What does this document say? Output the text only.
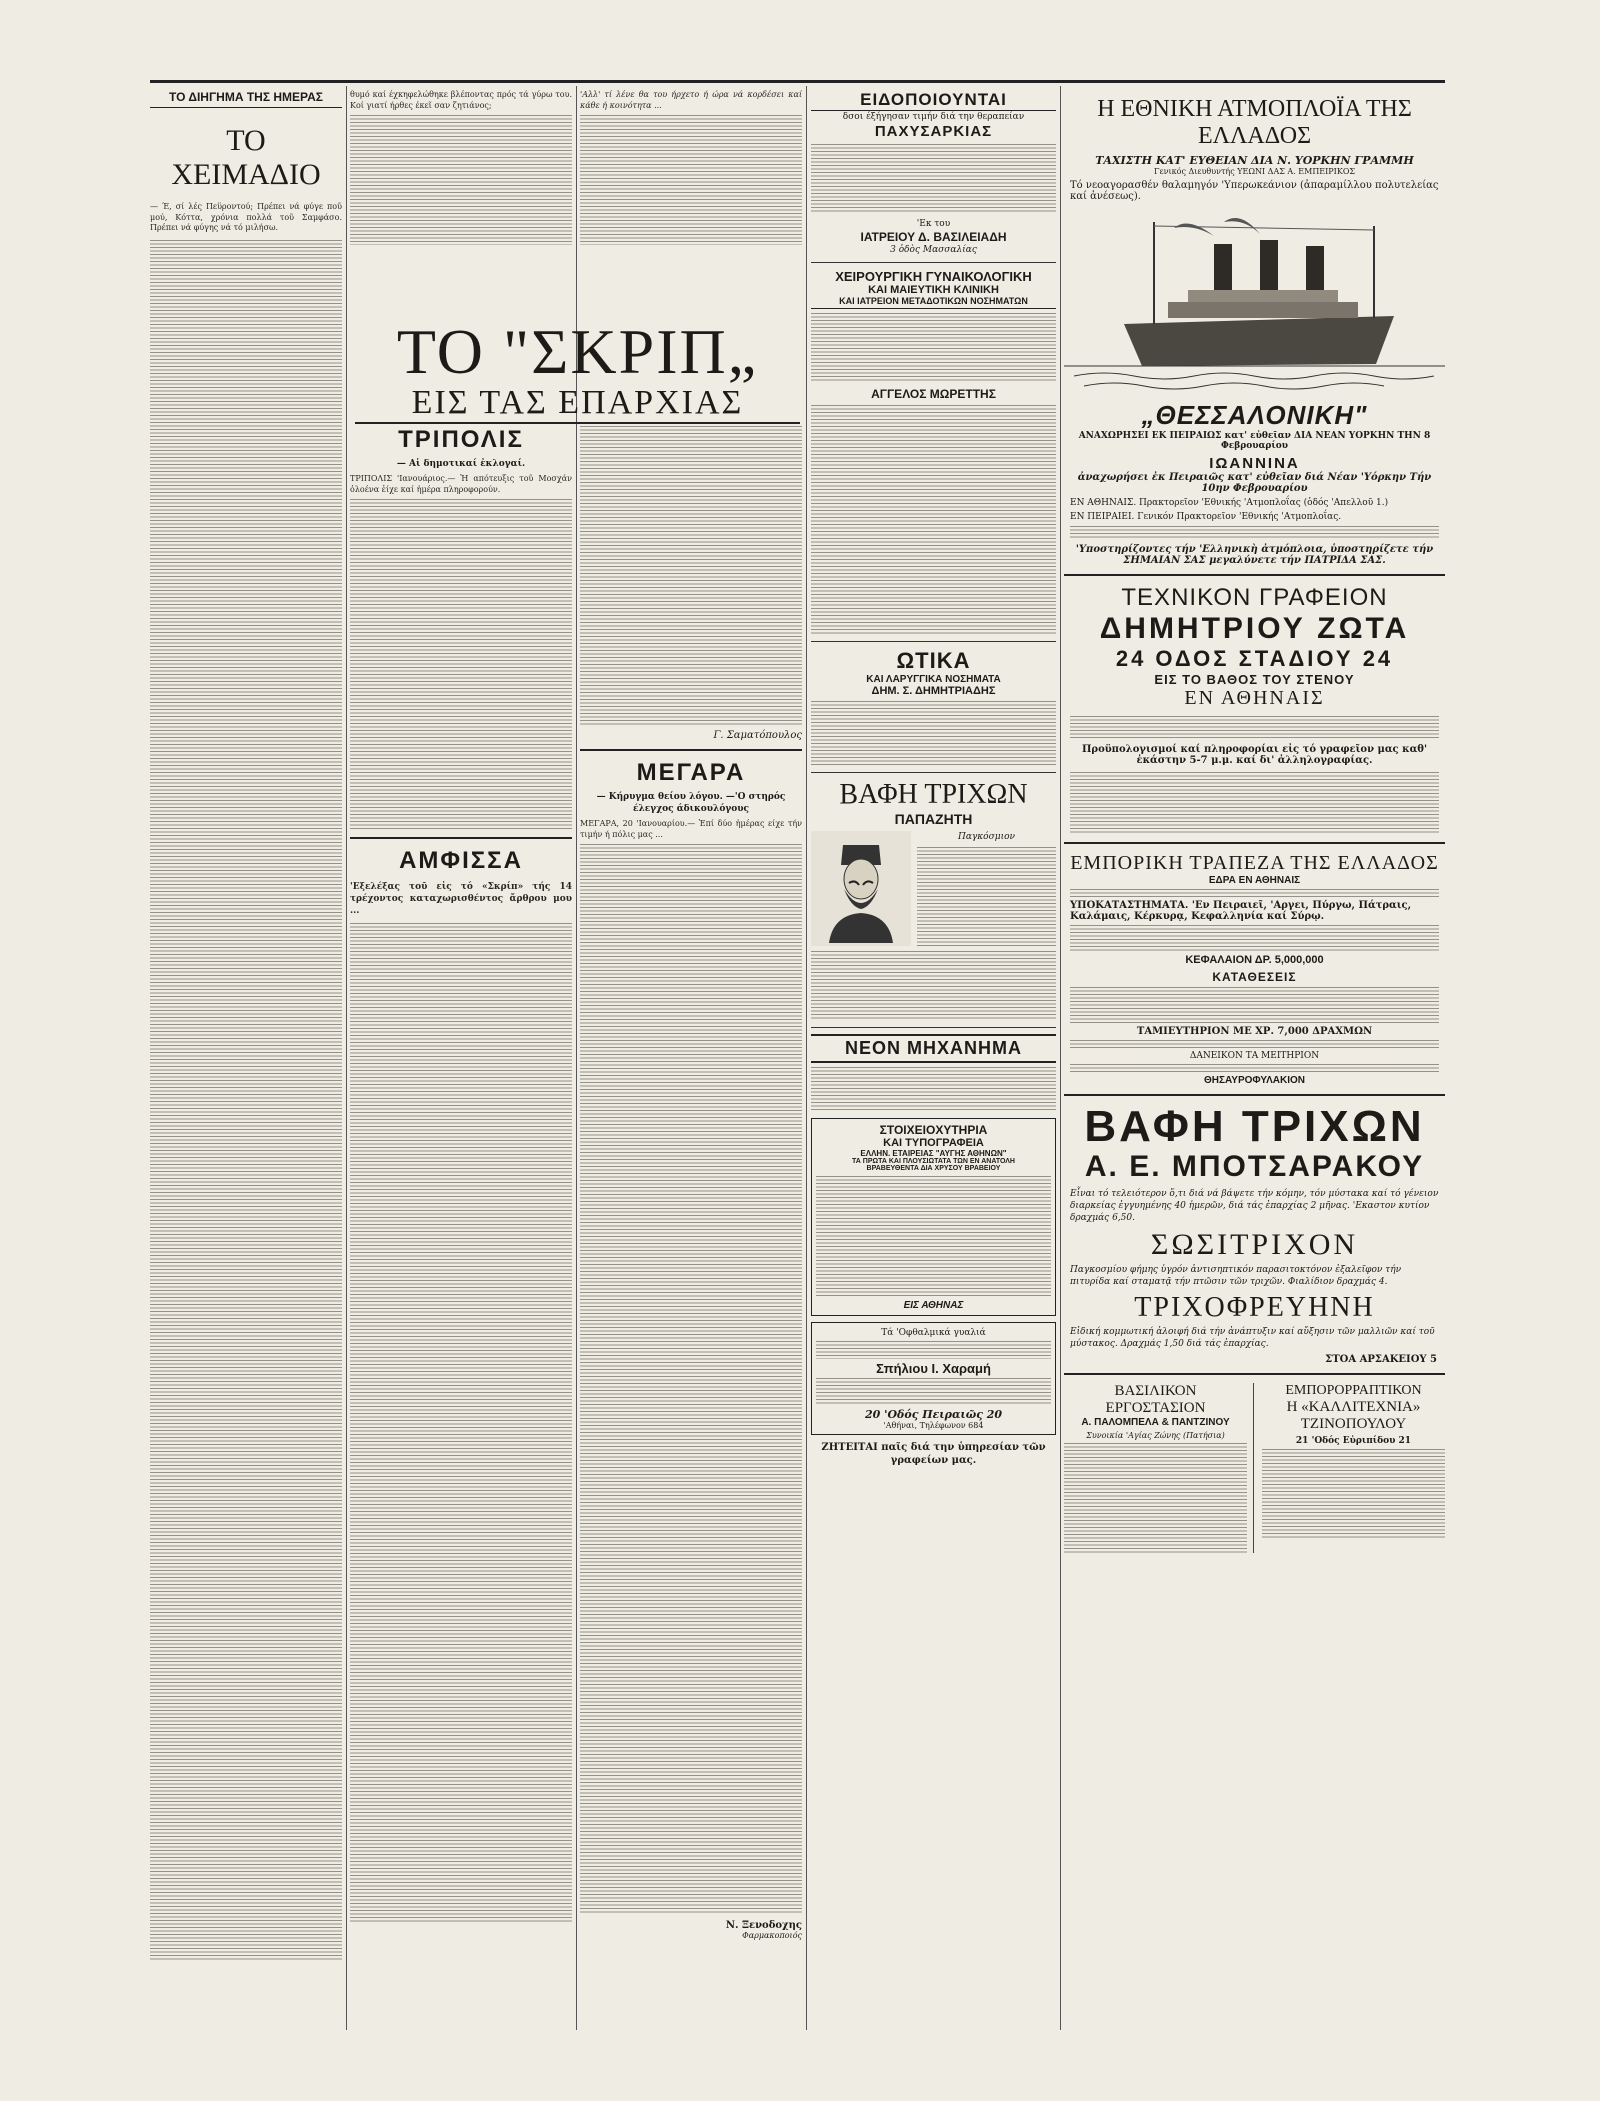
ΤΟ ΔΙΗΓΗΜΑ ΤΗΣ ΗΜΕΡΑΣ
ΤΟ ΧΕΙΜΑΔΙΟ

— Έ, σί λές Πεϋροντού; Πρέπει νά φύγε ποῦ μού, Κόττα, χρόνια πολλά τοῦ Σαμφάσο. Πρέπει νά φύγης νά τό μιλήσω.

θυμό καί έχκηφελώθηκε βλέποντας πρός τά γύρω του. Κοί γιατί ήρθες έκεῖ σαν ζητιάνος;

ΤΟ "ΣΚΡΙΠ„
ΕΙΣ ΤΑΣ ΕΠΑΡΧΙΑΣ
ΤΡΙΠΟΛΙΣ
— Αἱ δημοτικαί ἐκλογαί.

ΤΡΙΠΟΛΙΣ 'Ιανουάριος.— Ἡ απότευξις τοῦ Μοσχάν ὁλοένα ἐίχε καί ἡμέρα πληροφορούν.

ΑΜΦΙΣΣΑ

'Εξελέξας τοῦ εἰς τό «Σκρίπ» τής 14 τρέχοντος καταχωρισθέντος ἄρθρου μου ...

'Αλλ' τί λένε θα του ήρχετο ή ώρα νά κορδέσει καί κάθε ή κοινότητα ...

Γ. Σαματόπουλος
ΜΕΓΑΡΑ
— Κήρυγμα θείου λόγου. —'Ο στηρός έλεγχος άδικουλόγους

ΜΕΓΑΡΑ, 20 'Ιανουαρίου.— Ἐπί δύο ἡμέρας είχε τήν τιμήν ή πόλις μας ...

Ν. Ξενοδοχης
Φαρμακοποιός
ΕΙΔΟΠΟΙΟΥΝΤΑΙ
δσοι έξήγησαν τιμήν διά την θεραπείαν
ΠΑΧΥΣΑΡΚΙΑΣ
'Εκ του
ΙΑΤΡΕΙΟΥ Δ. ΒΑΣΙΛΕΙΑΔΗ
3 ὁδὸς Μασσαλίας
ΧΕΙΡΟΥΡΓΙΚΗ ΓΥΝΑΙΚΟΛΟΓΙΚΗ
ΚΑΙ ΜΑΙΕΥΤΙΚΗ ΚΛΙΝΙΚΗ
ΚΑΙ ΙΑΤΡΕΙΟΝ ΜΕΤΑΔΟΤΙΚΩΝ ΝΟΣΗΜΑΤΩΝ
ΑΓΓΕΛΟΣ ΜΩΡΕΤΤΗΣ
ΩΤΙΚΑ
ΚΑΙ ΛΑΡΥΓΓΙΚΑ ΝΟΣΗΜΑΤΑ
ΔΗΜ. Σ. ΔΗΜΗΤΡΙΑΔΗΣ
ΒΑΦΗ ΤΡΙΧΩΝ
ΠΑΠΑΖΗΤΗ
Παγκόσμιον
ΝΕΟΝ ΜΗΧΑΝΗΜΑ
ΣΤΟΙΧΕΙΟΧΥΤΗΡΙΑ
ΚΑΙ ΤΥΠΟΓΡΑΦΕΙΑ
ΕΛΛΗΝ. ΕΤΑΙΡΕΙΑΣ "ΑΥΓΗΣ ΑΘΗΝΩΝ"
ΤΑ ΠΡΩΤΑ ΚΑΙ ΠΛΟΥΣΙΩΤΑΤΑ ΤΩΝ ΕΝ ΑΝΑΤΟΛΗ
ΒΡΑΒΕΥΘΕΝΤΑ ΔΙΑ ΧΡΥΣΟΥ ΒΡΑΒΕΙΟΥ
ΕΙΣ ΑΘΗΝΑΣ
Τά 'Οφθαλμικά γυαλιά
Σπήλιου Ι. Χαραμή
20 'Οδός Πειραιῶς 20
'Αθήναι, Τηλέφωνον 684
ΖΗΤΕΙΤΑΙ παῖς διά την ὑπηρεσίαν τῶν γραφείων μας.
Η ΕΘΝΙΚΗ ΑΤΜΟΠΛΟΪΑ ΤΗΣ ΕΛΛΑΔΟΣ
ΤΑΧΙΣΤΗ ΚΑΤ' ΕΥΘΕΙΑΝ ΔΙΑ Ν. ΥΟΡΚΗΝ ΓΡΑΜΜΗ
Γενικός Διευθυντής ΥΕΩΝΙ ΔΑΣ Α. ΕΜΠΕΙΡΙΚΟΣ
Τό νεοαγορασθέν θαλαμηγόν 'Υπερωκεάνιον (ἀπαραμίλλου πολυτελείας καί ἀνέσεως).
„ΘΕΣΣΑΛΟΝΙΚΗ"
ΑΝΑΧΩΡΗΣΕΙ ΕΚ ΠΕΙΡΑΙΩΣ κατ' εὐθεῖαν ΔΙΑ ΝΕΑΝ ΥΟΡΚΗΝ ΤΗΝ 8 Φεβρουαρίου
ΙΩΑΝΝΙΝΑ
ἀναχωρήσει ἐκ Πειραιῶς κατ' εὐθεῖαν διά Νέαν 'Υόρκην Τήν 10ην Φεβρουαρίου
ΕΝ ΑΘΗΝΑΙΣ. Πρακτορεῖον 'Εθνικής 'Ατμοπλοΐας (ὁδός 'Απελλοῦ 1.)
ΕΝ ΠΕΙΡΑΙΕΙ. Γενικόν Πρακτορεῖον 'Εθνικής 'Ατμοπλοΐας.
'Υποστηρίζοντες τήν 'Ελληνικὴ ἀτμόπλοια, ὑποστηρίζετε τήν ΣΗΜΑΙΑΝ ΣΑΣ μεγαλύνετε τήν ΠΑΤΡΙΔΑ ΣΑΣ.
ΤΕΧΝΙΚΟΝ ΓΡΑΦΕΙΟΝ
ΔΗΜΗΤΡΙΟΥ ΖΩΤΑ
24 ΟΔΟΣ ΣΤΑΔΙΟΥ 24
ΕΙΣ ΤΟ ΒΑΘΟΣ ΤΟΥ ΣΤΕΝΟΥ
ΕΝ ΑΘΗΝΑΙΣ
Προϋπολογισμοί καί πληροφορίαι εἰς τό γραφεῖον μας καθ' ἑκάστην 5-7 μ.μ. καί δι' ἀλληλογραφίας.
ΕΜΠΟΡΙΚΗ ΤΡΑΠΕΖΑ ΤΗΣ ΕΛΛΑΔΟΣ
ΕΔΡΑ ΕΝ ΑΘΗΝΑΙΣ
ΥΠΟΚΑΤΑΣΤΗΜΑΤΑ. 'Εν Πειραιεῖ, 'Αργει, Πύργω, Πάτραις, Καλάμαις, Κέρκυρᾳ, Κεφαλληνία καί Σύρῳ.
ΚΕΦΑΛΑΙΟΝ ΔΡ. 5,000,000
ΚΑΤΑΘΕΣΕΙΣ
ΤΑΜΙΕΥΤΗΡΙΟΝ ΜΕ ΧΡ. 7,000 ΔΡΑΧΜΩΝ
ΔΑΝΕΙΚΟΝ ΤΑ ΜΕΙΤΗΡΙΟΝ
ΘΗΣΑΥΡΟΦΥΛΑΚΙΟΝ
ΒΑΦΗ ΤΡΙΧΩΝ
Α. Ε. ΜΠΟΤΣΑΡΑΚΟΥ
Εἶναι τό τελειότερον ὅ,τι διά νά βάψετε τήν κόμην, τόν μύστακα καί τό γένειον διαρκείας ἐγγυημένης 40 ἡμερῶν, διά τάς ἐπαρχίας 2 μῆνας. 'Εκαστον κυτίον δραχμάς 6,50.
ΣΩΣΙΤΡΙΧΟΝ
Παγκοσμίου φήμης ὑγρόν ἀντισηπτικόν παρασιτοκτόνον ἐξαλεῖφον τήν πιτυρίδα καί σταματᾷ τήν πτῶσιν τῶν τριχῶν. Φιαλίδιον δραχμάς 4.
ΤΡΙΧΟΦΡΕΥΗΝΗ
Εἰδική κομμωτική ἀλοιφή διά τήν ἀνάπτυξιν καί αὔξησιν τῶν μαλλιῶν καί τοῦ μύστακος. Δραχμάς 1,50 διά τάς ἐπαρχίας.
ΣΤΟΑ ΑΡΣΑΚΕΙΟΥ 5
ΒΑΣΙΛΙΚΟΝ ΕΡΓΟΣΤΑΣΙΟΝ
Α. ΠΑΛΟΜΠΕΛΑ & ΠΑΝΤΖΙΝΟΥ
Συνοικία 'Αγίας Ζώνης (Πατήσια)
ΕΜΠΟΡΟΡΡΑΠΤΙΚΟΝ
Η «ΚΑΛΛΙΤΕΧΝΙΑ»
ΤΖΙΝΟΠΟΥΛΟΥ
21 'Οδός Εὐριπίδου 21
